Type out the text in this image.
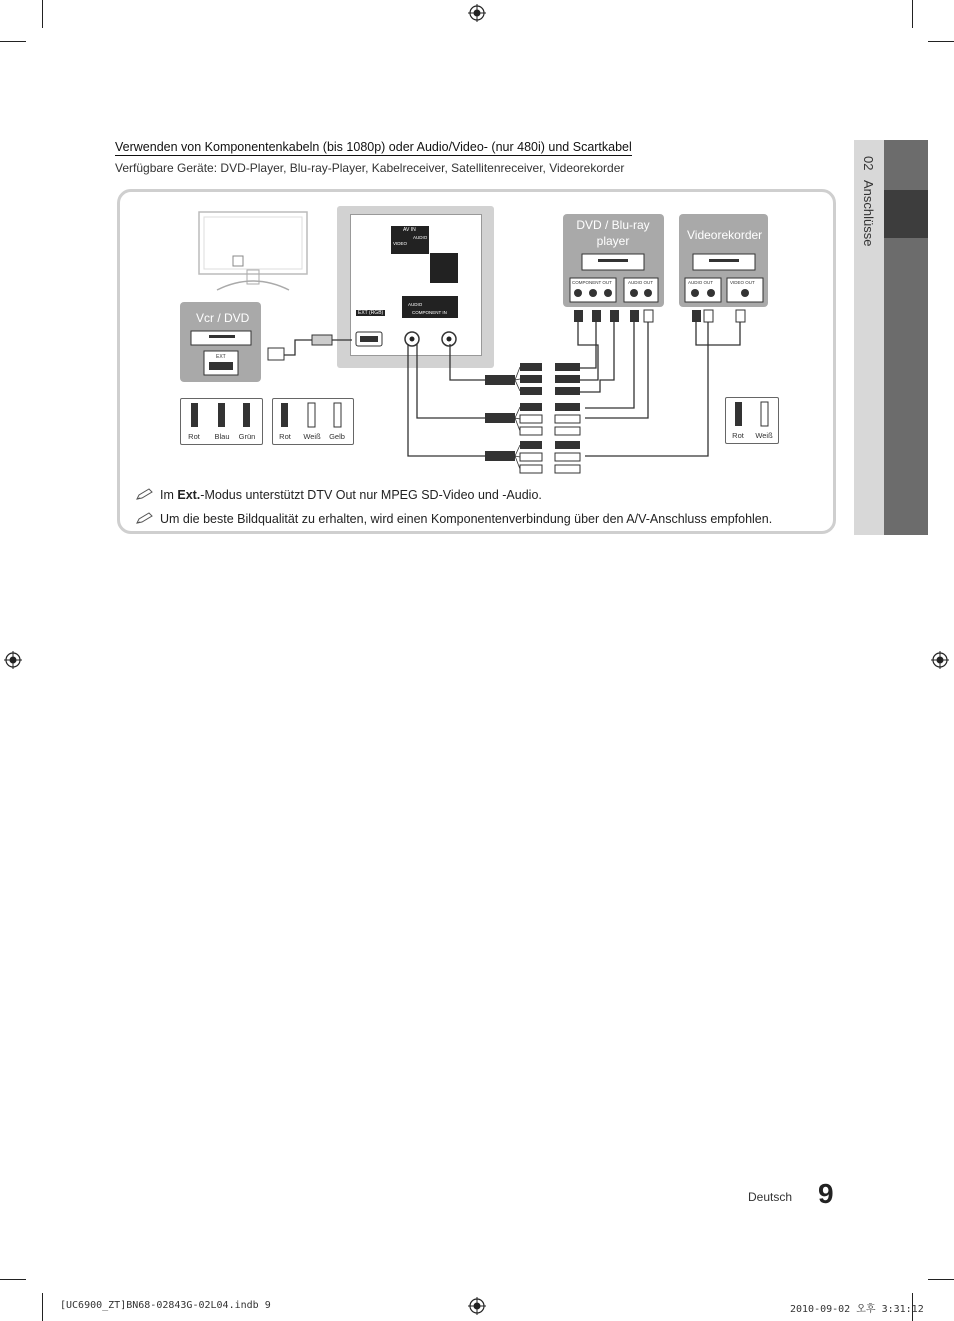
Verwenden von Komponentenkabeln (bis 1080p) oder Audio/Video- (nur 480i) und Scartkabel
Verfügbare Geräte: DVD-Player, Blu-ray-Player, Kabelreceiver, Satellitenreceiver, Videorekorder
AV IN
AUDIO
VIDEO
EXT (RGB)
AUDIO
COMPONENT IN
Vcr / DVD
EXT
DVD / Blu-ray player
COMPONENT OUT	AUDIO OUT
Videorekorder
AUDIO OUT	VIDEO OUT
Rot	Blau	Grün	Rot	Weiß	Gelb	Rot	Weiß
Im Ext.-Modus unterstützt DTV Out nur MPEG SD-Video und -Audio.
Um die beste Bildqualität zu erhalten, wird einen Komponentenverbindung über den A/V-Anschluss empfohlen.
02
Anschlüsse
Deutsch 9
[UC6900_ZT]BN68-02843G-02L04.indb 9	2010-09-02 오후 3:31:12
